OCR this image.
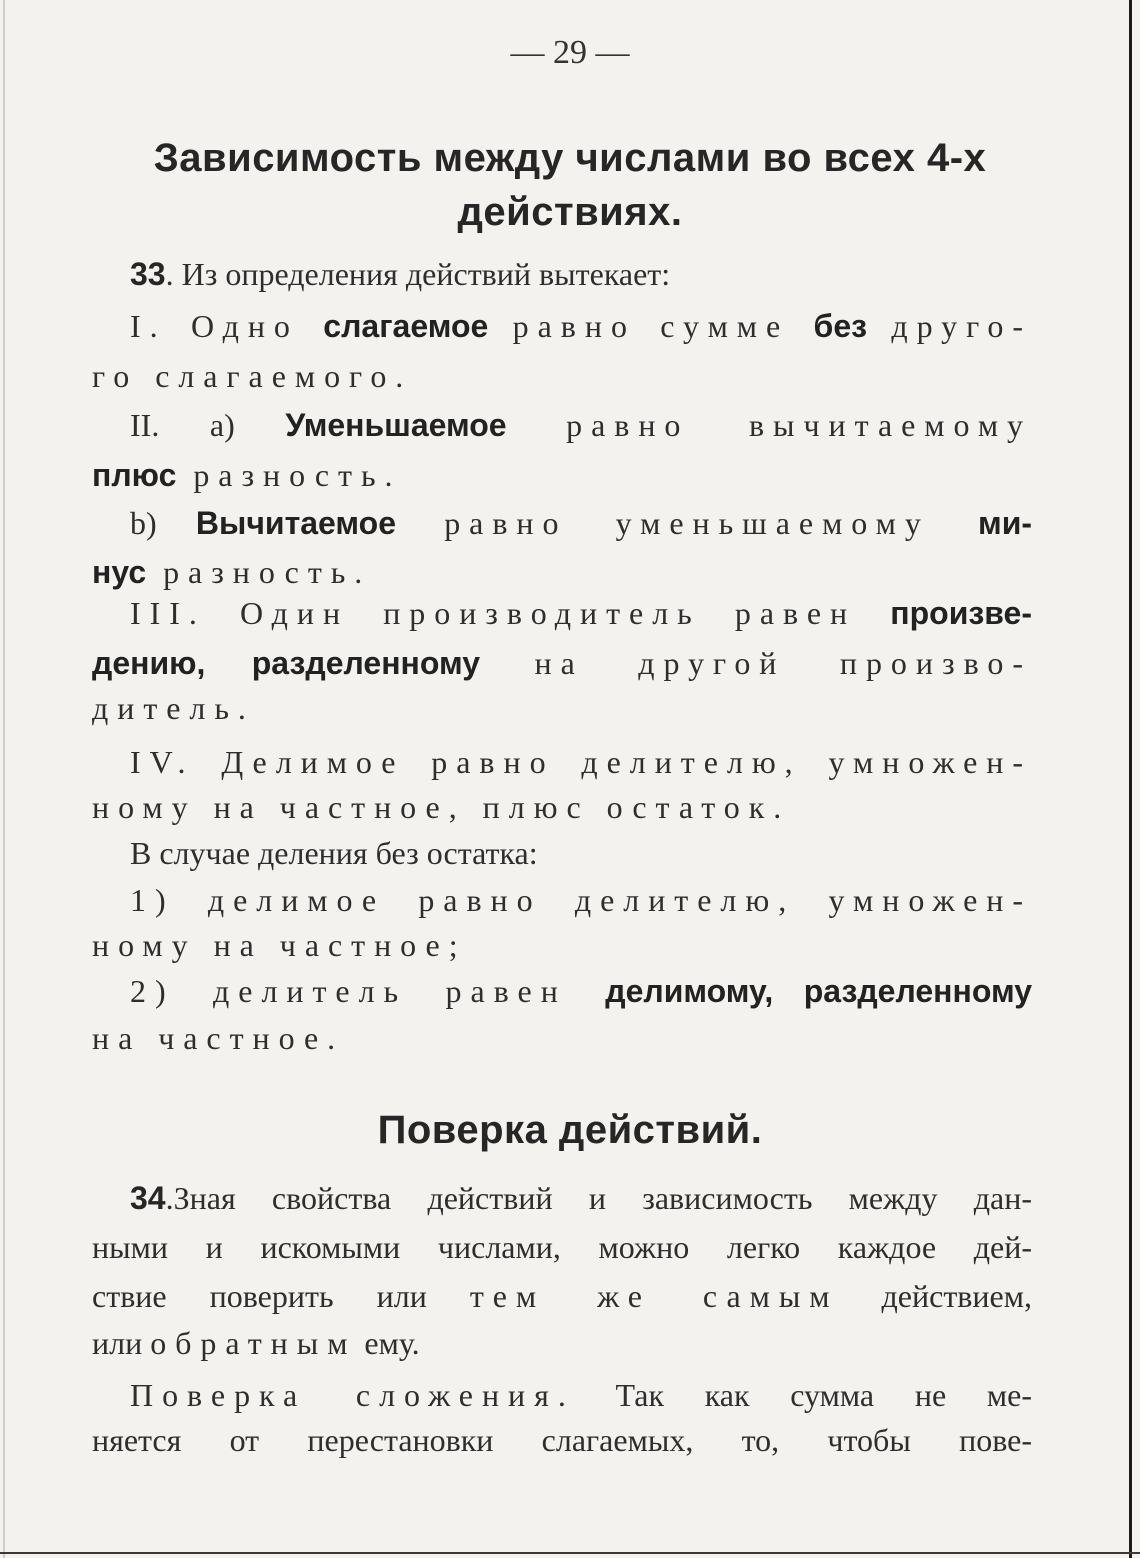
— 29 —
Зависимость между числами во всех 4-х
действиях.
33. Из определения действий вытекает:
I. Одно слагаемое равно сумме без друго-
го слагаемого.
II. a) Уменьшаемое равно вычитаемому
плюс разность.
b) Вычитаемое равно уменьшаемому ми-
нус разность.
III. Один производитель равен произве-
дению, разделенному на другой произво-
дитель.
IV. Делимое равно делителю, умножен-
ному на частное, плюс остаток.
В случае деления без остатка:
1) делимое равно делителю, умножен-
ному на частное;
2) делитель равен делимому, разделенному
на частное.
34.Зная свойства действий и зависимость между дан-
ными и искомыми числами, можно легко каждое дей-
ствие поверить или тем же самым действием,
или обратным ему.
Поверка сложения. Так как сумма не ме-
няется от перестановки слагаемых, то, чтобы пове-
Поверка действий.
